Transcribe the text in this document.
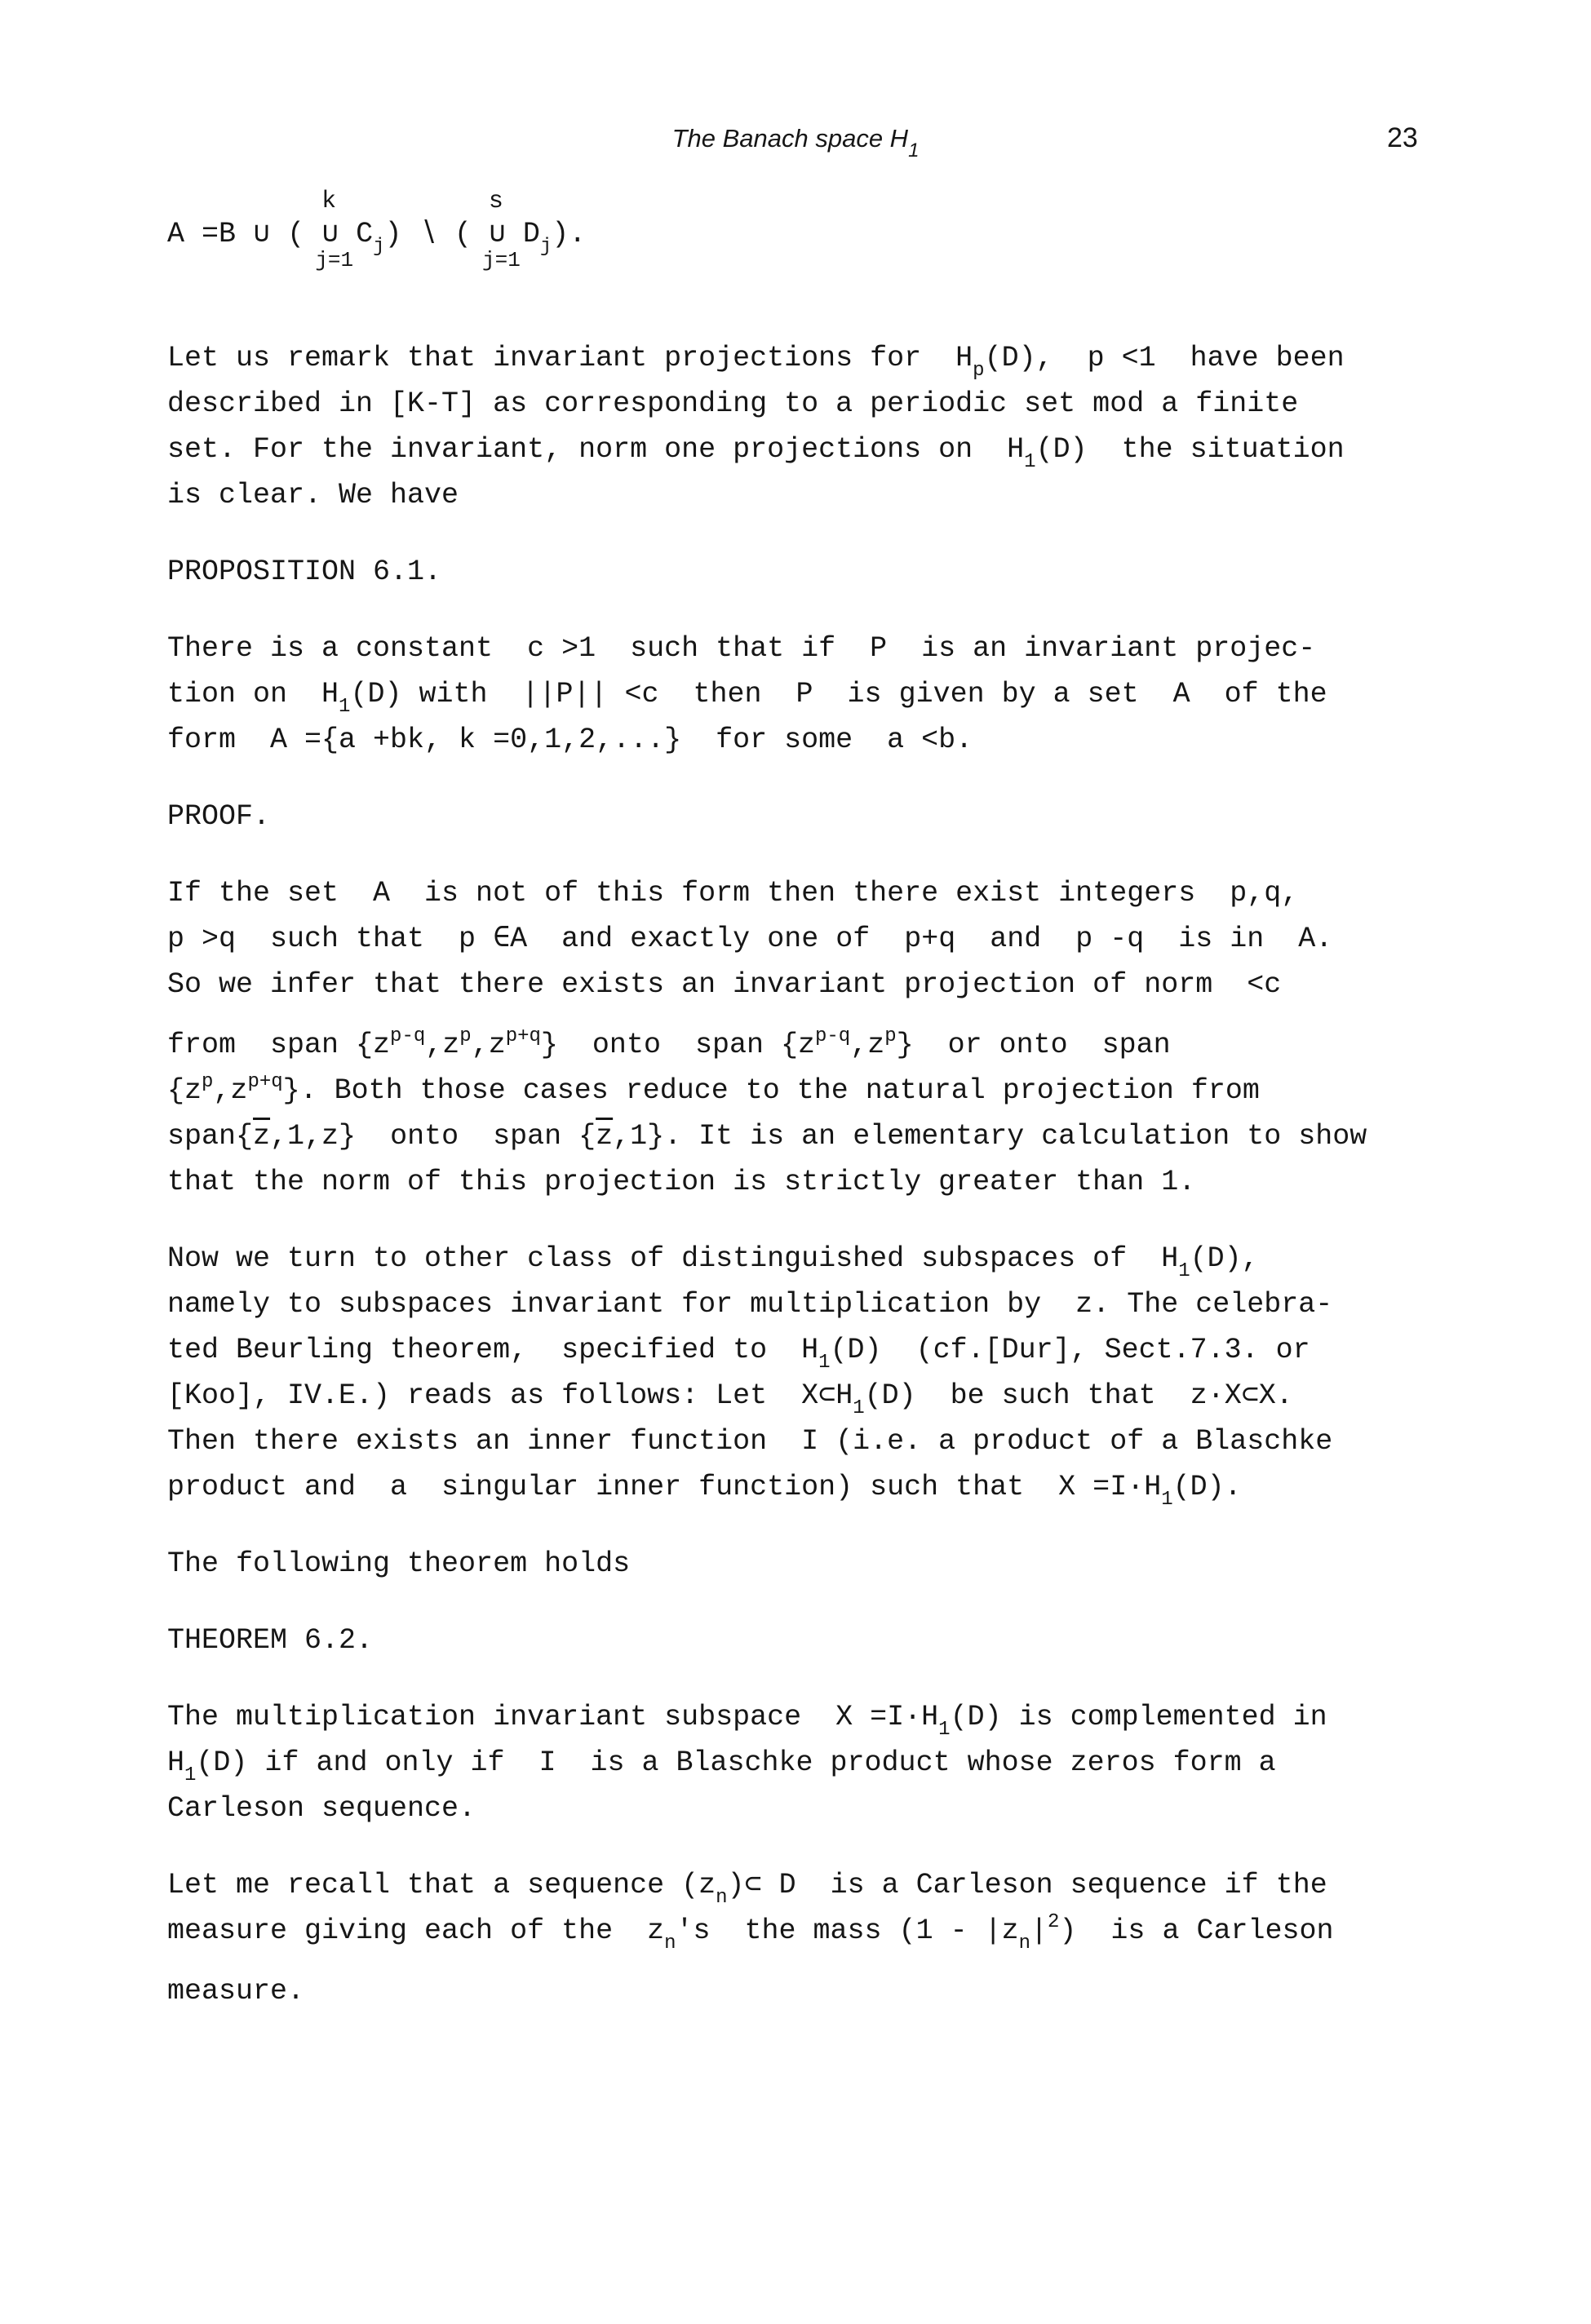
The Banach space $H_1$	23
A =B ∪ (
k
∪
j=1
$C_j$) ∖ (
s
∪
j=1
$D_j$).
Let us remark that invariant projections for  $H_p(D)$,  p <1  have been
described in [K-T] as corresponding to a periodic set mod a finite
set. For the invariant, norm one projections on  $H_1(D)$  the situation
is clear. We have
PROPOSITION 6.1.
There is a constant  c >1  such that if  P  is an invariant projec-
tion on  $H_1(D)$ with  ||P|| <c  then  P  is given by a set  A  of the
form  A ={a +bk, k =0,1,2,...}  for some  a <b.
PROOF.
If the set  A  is not of this form then there exist integers  p,q,
p >q  such that  p ∈A  and exactly one of  p+q  and  p -q  is in  A.
So we infer that there exists an invariant projection of norm  <c
from  span $\{z^{p-q},z^p,z^{p+q}\}$  onto  span $\{z^{p-q},z^p\}$  or onto  span
$\{z^p,z^{p+q}\}$. Both those cases reduce to the natural projection from
$span\{\overline{z},1,z\}$  onto  span $\{\overline{z},1\}$. It is an elementary calculation to show
that the norm of this projection is strictly greater than 1.
Now we turn to other class of distinguished subspaces of  $H_1(D)$,
namely to subspaces invariant for multiplication by  z. The celebra-
ted Beurling theorem,  specified to  $H_1(D)$  (cf.[Dur], Sect.7.3. or
[Koo], IV.E.) reads as follows: Let  $X\subset H_1(D)$  be such that  z·X⊂X.
Then there exists an inner function  I (i.e. a product of a Blaschke
product and  a  singular inner function) such that  $X =I\cdot H_1(D)$.
The following theorem holds
THEOREM 6.2.
The multiplication invariant subspace  $X =I\cdot H_1(D)$ is complemented in
$H_1(D)$ if and only if  I  is a Blaschke product whose zeros form a
Carleson sequence.
Let me recall that a sequence $(z_n)\subset$ D  is a Carleson sequence if the
measure giving each of the  $z_n's$  the mass $(1 - |z_n|^2)$  is a Carleson
measure.
